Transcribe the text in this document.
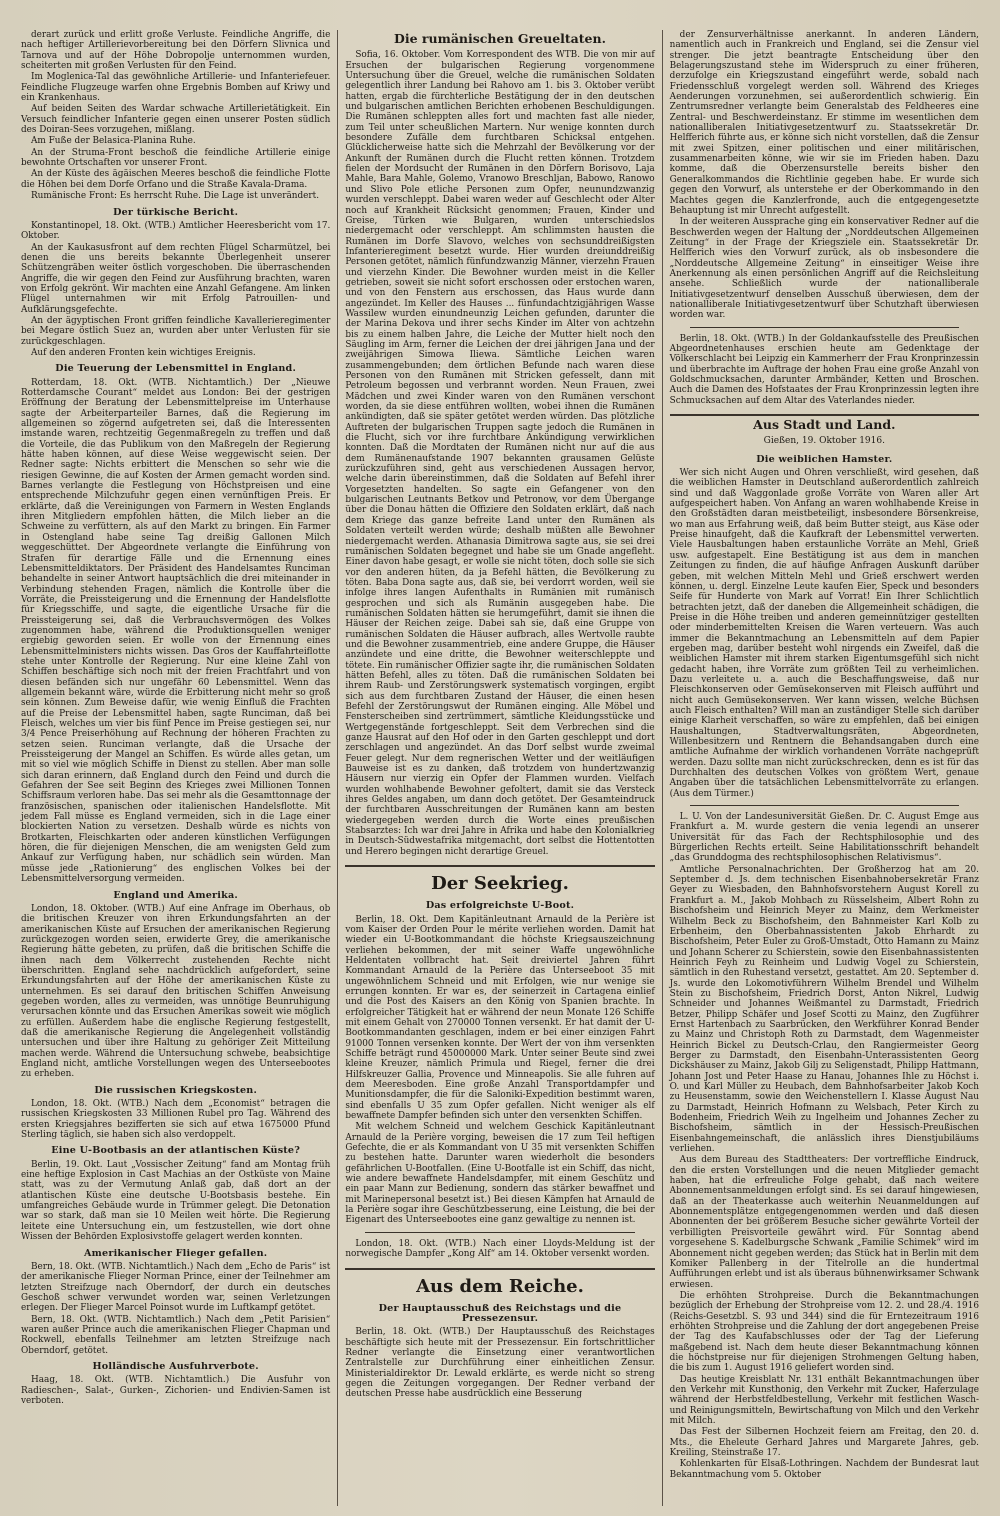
derart zurück und erlitt große Verluste. Feindliche Angriffe, die nach heftiger Artillerievorbereitung bei den Dörfern Slivnica und Tarnova und auf der Höhe Dobropolje unternommen wurden, scheiterten mit großen Verlusten für den Feind.

Im Moglenica-Tal das gewöhnliche Artillerie- und Infanteriefeuer. Feindliche Flugzeuge warfen ohne Ergebnis Bomben auf Kriwy und ein Krankenhaus.

Auf beiden Seiten des Wardar schwache Artillerietätigkeit. Ein Versuch feindlicher Infanterie gegen einen unserer Posten südlich des Doiran-Sees vorzugehen, mißlang.

Am Fuße der Belasica-Planina Ruhe.

An der Struma-Front beschoß die feindliche Artillerie einige bewohnte Ortschaften vor unserer Front.

An der Küste des ägäischen Meeres beschoß die feindliche Flotte die Höhen bei dem Dorfe Orfano und die Straße Kavala-Drama.

Rumänische Front: Es herrscht Ruhe. Die Lage ist unverändert.

Der türkische Bericht.

Konstantinopel, 18. Okt. (WTB.) Amtlicher Heeresbericht vom 17. Oktober.

An der Kaukasusfront auf dem rechten Flügel Scharmützel, bei denen die uns bereits bekannte Überlegenheit unserer Schützengräben weiter östlich vorgeschoben. Die überraschenden Angriffe, die wir gegen den Feind zur Ausführung brachten, waren von Erfolg gekrönt. Wir machten eine Anzahl Gefangene. Am linken Flügel unternahmen wir mit Erfolg Patrouillen- und Aufklärungsgefechte.

An der ägyptischen Front griffen feindliche Kavallerieregimenter bei Megare östlich Suez an, wurden aber unter Verlusten für sie zurückgeschlagen.

Auf den anderen Fronten kein wichtiges Ereignis.

Die Teuerung der Lebensmittel in England.

Rotterdam, 18. Okt. (WTB. Nichtamtlich.) Der „Nieuwe Rotterdamsche Courant“ meldet aus London: Bei der gestrigen Eröffnung der Beratung der Lebensmittelpreise im Unterhause sagte der Arbeiterparteiler Barnes, daß die Regierung im allgemeinen so zögernd aufgetreten sei, daß die Interessenten imstande waren, rechtzeitig Gegenmaßregeln zu treffen und daß die Vorteile, die das Publikum von den Maßregeln der Regierung hätte haben können, auf diese Weise weggewischt seien. Der Redner sagte: Nichts erbittert die Menschen so sehr wie die riesigen Gewinne, die auf Kosten der Armen gemacht worden sind. Barnes verlangte die Festlegung von Höchstpreisen und eine entsprechende Milchzufuhr gegen einen vernünftigen Preis. Er erklärte, daß die Vereinigungen von Farmern in Westen Englands ihren Mitgliedern empfohlen hätten, die Milch lieber an die Schweine zu verfüttern, als auf den Markt zu bringen. Ein Farmer in Ostengland habe seine Tag dreißig Gallonen Milch weggeschüttet. Der Abgeordnete verlangte die Einführung von Strafen für derartige Fälle und die Ernennung eines Lebensmitteldiktators. Der Präsident des Handelsamtes Runciman behandelte in seiner Antwort hauptsächlich die drei miteinander in Verbindung stehenden Fragen, nämlich die Kontrolle über die Vorräte, die Preissteigerung und die Ernennung der Handelsflotte für Kriegsschiffe, und sagte, die eigentliche Ursache für die Preissteigerung sei, daß die Verbrauchsvermögen des Volkes zugenommen habe, während die Produktionsquellen weniger ergiebig geworden seien. Er wolle von der Ernennung eines Lebensmittelministers nichts wissen. Das Gros der Kauffahrteiflotte stehe unter Kontrolle der Regierung. Nur eine kleine Zahl von Schiffen beschäftige sich noch mit der freien Frachtfahrt und von diesen befänden sich nur ungefähr 60 Lebensmittel. Wenn das allgemein bekannt wäre, würde die Erbitterung nicht mehr so groß sein können. Zum Beweise dafür, wie wenig Einfluß die Frachten auf die Preise der Lebensmittel haben, sagte Runciman, daß bei Fleisch, welches um vier bis fünf Pence im Preise gestiegen sei, nur 3/4 Pence Preiserhöhung auf Rechnung der höheren Frachten zu setzen seien. Runciman verlangte, daß die Ursache der Preissteigerung der Mangel an Schiffen. Es würde alles getan, um mit so viel wie möglich Schiffe in Dienst zu stellen. Aber man solle sich daran erinnern, daß England durch den Feind und durch die Gefahren der See seit Beginn des Krieges zwei Millionen Tonnen Schiffsraum verloren habe. Das sei mehr als die Gesamttonnage der französischen, spanischen oder italienischen Handelsflotte. Mit jedem Fall müsse es England vermeiden, sich in die Lage einer blockierten Nation zu versetzen. Deshalb würde es nichts von Brotkarten, Fleischkarten oder anderen künstlichen Verfügungen hören, die für diejenigen Menschen, die am wenigsten Geld zum Ankauf zur Verfügung haben, nur schädlich sein würden. Man müsse jede „Rationierung“ des englischen Volkes bei der Lebensmittelversorgung vermeiden.

England und Amerika.

London, 18. Oktober. (WTB.) Auf eine Anfrage im Oberhaus, ob die britischen Kreuzer von ihren Erkundungsfahrten an der amerikanischen Küste auf Ersuchen der amerikanischen Regierung zurückgezogen worden seien, erwiderte Grey, die amerikanische Regierung hätte gebeten, zu prüfen, daß die britischen Schiffe die ihnen nach dem Völkerrecht zustehenden Rechte nicht überschritten. England sehe nachdrücklich aufgefordert, seine Erkundungsfahrten auf der Höhe der amerikanischen Küste zu unternehmen. Es sei darauf den britischen Schiffen Anweisung gegeben worden, alles zu vermeiden, was unnötige Beunruhigung verursachen könnte und das Ersuchen Amerikas soweit wie möglich zu erfüllen. Außerdem habe die englische Regierung festgestellt, daß die amerikanische Regierung die Angelegenheit vollständig untersuchen und über ihre Haltung zu gehöriger Zeit Mitteilung machen werde. Während die Untersuchung schwebe, beabsichtige England nicht, amtliche Vorstellungen wegen des Unterseebootes zu erheben.

Die russischen Kriegskosten.

London, 18. Okt. (WTB.) Nach dem „Economist“ betragen die russischen Kriegskosten 33 Millionen Rubel pro Tag. Während des ersten Kriegsjahres bezifferten sie sich auf etwa 1675000 Pfund Sterling täglich, sie haben sich also verdoppelt.

Eine U-Bootbasis an der atlantischen Küste?

Berlin, 19. Okt. Laut „Vossischer Zeitung“ fand am Montag früh eine heftige Explosion in Cast Machias an der Ostküste von Maine statt, was zu der Vermutung Anlaß gab, daß dort an der atlantischen Küste eine deutsche U-Bootsbasis bestehe. Ein umfangreiches Gebäude wurde in Trümmer gelegt. Die Detonation war so stark, daß man sie 10 Meilen weit hörte. Die Regierung leitete eine Untersuchung ein, um festzustellen, wie dort ohne Wissen der Behörden Explosivstoffe gelagert werden konnten.

Amerikanischer Flieger gefallen.

Bern, 18. Okt. (WTB. Nichtamtlich.) Nach dem „Echo de Paris“ ist der amerikanische Flieger Norman Prince, einer der Teilnehmer am letzten Streifzuge nach Oberndorf, der durch ein deutsches Geschoß schwer verwundet worden war, seinen Verletzungen erlegen. Der Flieger Marcel Poinsot wurde im Luftkampf getötet.

Bern, 18. Okt. (WTB. Nichtamtlich.) Nach dem „Petit Parisien“ waren außer Prince auch die amerikanischen Flieger Chapman und Rockwell, ebenfalls Teilnehmer am letzten Streifzuge nach Oberndorf, getötet.

Holländische Ausfuhrverbote.

Haag, 18. Okt. (WTB. Nichtamtlich.) Die Ausfuhr von Radieschen-, Salat-, Gurken-, Zichorien- und Endivien-Samen ist verboten.

Die rumänischen Greueltaten.

Sofia, 16. Oktober. Vom Korrespondent des WTB. Die von mir auf Ersuchen der bulgarischen Regierung vorgenommene Untersuchung über die Greuel, welche die rumänischen Soldaten gelegentlich ihrer Landung bei Rahovo am 1. bis 3. Oktober verübt hatten, ergab die fürchterliche Bestätigung der in den deutschen und bulgarischen amtlichen Berichten erhobenen Beschuldigungen. Die Rumänen schleppten alles fort und machten fast alle nieder, zum Teil unter scheußlichen Martern. Nur wenige konnten durch besondere Zufälle dem furchtbaren Schicksal entgehen. Glücklicherweise hatte sich die Mehrzahl der Bevölkerung vor der Ankunft der Rumänen durch die Flucht retten können. Trotzdem fielen der Mordsucht der Rumänen in den Dörfern Borisovo, Laja Mahle, Bara Mahle, Golemo, Vranowo Breschljan, Babowo, Ranowo und Slivo Pole etliche Personen zum Opfer, neunundzwanzig wurden verschleppt. Dabei waren weder auf Geschlecht oder Alter noch auf Krankheit Rücksicht genommen; Frauen, Kinder und Greise, Türken wie Bulgaren, wurden unterschiedslos niedergemacht oder verschleppt. Am schlimmsten hausten die Rumänen im Dorfe Slavovo, welches von sechsunddreißigsten Infanterieregiment besetzt wurde. Hier wurden dreiunddreißig Personen getötet, nämlich fünfundzwanzig Männer, vierzehn Frauen und vierzehn Kinder. Die Bewohner wurden meist in die Keller getrieben, soweit sie nicht sofort erschossen oder erstochen waren, und von den Fenstern aus erschossen, das Haus wurde dann angezündet. Im Keller des Hauses ... fünfundachtzigjährigen Wasse Wassilew wurden einundneunzig Leichen gefunden, darunter die der Marina Dekova und ihrer sechs Kinder im Alter von achtzehn bis zu einem halben Jahre, die Leiche der Mutter hielt noch den Säugling im Arm, ferner die Leichen der drei jährigen Jana und der zweijährigen Simowa Iliewa. Sämtliche Leichen waren zusammengebunden; dem örtlichen Befunde nach waren diese Personen von den Rumänen mit Stricken gefesselt, dann mit Petroleum begossen und verbrannt worden. Neun Frauen, zwei Mädchen und zwei Kinder waren von den Rumänen verschont worden, da sie diese entführen wollten, wobei ihnen die Rumänen ankündigten, daß sie später getötet werden würden. Das plötzliche Auftreten der bulgarischen Truppen sagte jedoch die Rumänen in die Flucht, sich vor ihre furchtbare Ankündigung verwirklichen konnten. Daß die Mordtaten der Rumänen nicht nur auf die aus dem Rumänenaufstande 1907 bekannten grausamen Gelüste zurückzuführen sind, geht aus verschiedenen Aussagen hervor, welche darin übereinstimmen, daß die Soldaten auf Befehl ihrer Vorgesetzten handelten. So sagte ein Gefangener von den bulgarischen Leutnants Betkov und Petronow, vor dem Übergange über die Donau hätten die Offiziere den Soldaten erklärt, daß nach dem Kriege das ganze befreite Land unter den Rumänen als Soldaten verteilt werden würde; deshalb müßten alle Bewohner niedergemacht werden. Athanasia Dimitrowa sagte aus, sie sei drei rumänischen Soldaten begegnet und habe sie um Gnade angefleht. Einer davon habe gesagt, er wolle sie nicht töten, doch solle sie sich vor den anderen hüten, da ja Befehl hätten, die Bevölkerung zu töten. Baba Dona sagte aus, daß sie, bei verdorrt worden, weil sie infolge ihres langen Aufenthalts in Rumänien mit rumänisch gesprochen und sich als Rumänin ausgegeben habe. Die rumänischen Soldaten hätten sie herumgeführt, damit sie ihnen die Häuser der Reichen zeige. Dabei sah sie, daß eine Gruppe von rumänischen Soldaten die Häuser aufbrach, alles Wertvolle raubte und die Bewohner zusammentrieb, eine andere Gruppe, die Häuser anzündete und eine dritte, die Bewohner weiterschleppte und tötete. Ein rumänischer Offizier sagte ihr, die rumänischen Soldaten hätten Befehl, alles zu töten. Daß die rumänischen Soldaten bei ihrem Raub- und Zerstörungswerk systematisch vorgingen, ergibt sich aus dem furchtbaren Zustand der Häuser, die einen hesen Befehl der Zerstörungswut der Rumänen einging. Alle Möbel und Fensterscheiben sind zertrümmert, sämtliche Kleidungsstücke und Wertgegenstände fortgeschleppt. Seit dem Verbrechen sind die ganze Hausrat auf den Hof oder in den Garten geschleppt und dort zerschlagen und angezündet. An das Dorf selbst wurde zweimal Feuer gelegt. Nur dem regnerischen Wetter und der weitläufigen Bauweise ist es zu danken, daß trotzdem von hundertzwanzig Häusern nur vierzig ein Opfer der Flammen wurden. Vielfach wurden wohlhabende Bewohner gefoltert, damit sie das Versteck ihres Geldes angaben, um dann doch getötet. Der Gesamteindruck der furchtbaren Ausschreitungen der Rumänen kann am besten wiedergegeben werden durch die Worte eines preußischen Stabsarztes: Ich war drei Jahre in Afrika und habe den Kolonialkrieg in Deutsch-Südwestafrika mitgemacht, dort selbst die Hottentotten und Herero begingen nicht derartige Greuel.

Der Seekrieg.
Das erfolgreichste U-Boot.

Berlin, 18. Okt. Dem Kapitänleutnant Arnauld de la Perière ist vom Kaiser der Orden Pour le mérite verliehen worden. Damit hat wieder ein U-Bootkommandant die höchste Kriegsauszeichnung verliehen bekommen, der mit seiner Waffe ungewöhnliche Heldentaten vollbracht hat. Seit dreiviertel Jahren führt Kommandant Arnauld de la Perière das Unterseeboot 35 mit ungewöhnlichem Schneid und mit Erfolgen, wie nur wenige sie errungen konnten. Er war es, der seinerzeit in Cartagena einlief und die Post des Kaisers an den König von Spanien brachte. In erfolgreicher Tätigkeit hat er während der neun Monate 126 Schiffe mit einem Gehalt von 270000 Tonnen versenkt. Er hat damit der U-Bootkommandanten geschlagen, indem er bei einer einzigen Fahrt 91000 Tonnen versenken konnte. Der Wert der von ihm versenkten Schiffe beträgt rund 45000000 Mark. Unter seiner Beute sind zwei kleine Kreuzer, nämlich Primula und Riegel, ferner die drei Hilfskreuzer Gallia, Provence und Minneapolis. Sie alle fuhren auf dem Meeresboden. Eine große Anzahl Transportdampfer und Munitionsdampfer, die für die Saloniki-Expedition bestimmt waren, sind ebenfalls U 35 zum Opfer gefallen. Nicht weniger als elf bewaffnete Dampfer befinden sich unter den versenkten Schiffen.

Mit welchem Schneid und welchem Geschick Kapitänleutnant Arnauld de la Perière vorging, beweisen die 17 zum Teil heftigen Gefechte, die er als Kommandant von U 35 mit versenkten Schiffen zu bestehen hatte. Darunter waren wiederholt die besonders gefährlichen U-Bootfallen. (Eine U-Bootfalle ist ein Schiff, das nicht, wie andere bewaffnete Handelsdampfer, mit einem Geschütz und ein paar Mann zur Bedienung, sondern das stärker bewaffnet und mit Marinepersonal besetzt ist.) Bei diesen Kämpfen hat Arnauld de la Perière sogar ihre Geschützbesserung, eine Leistung, die bei der Eigenart des Unterseebootes eine ganz gewaltige zu nennen ist.

London, 18. Okt. (WTB.) Nach einer Lloyds-Meldung ist der norwegische Dampfer „Kong Alf“ am 14. Oktober versenkt worden.

Aus dem Reiche.
Der Hauptausschuß des Reichstags und die Pressezensur.

Berlin, 18. Okt. (WTB.) Der Hauptausschuß des Reichstages beschäftigte sich heute mit der Pressezensur. Ein fortschrittlicher Redner verlangte die Einsetzung einer verantwortlichen Zentralstelle zur Durchführung einer einheitlichen Zensur. Ministerialdirektor Dr. Lewald erklärte, es werde nicht so streng gegen die Zeitungen vorgegangen. Der Redner verband der deutschen Presse habe ausdrücklich eine Besserung

der Zensurverhältnisse anerkannt. In anderen Ländern, namentlich auch in Frankreich und England, sei die Zensur viel strenger. Die jetzt beantragte Entscheidung über den Belagerungszustand stehe im Widerspruch zu einer früheren, derzufolge ein Kriegszustand eingeführt werde, sobald nach Friedensschluß vorgelegt werden soll. Während des Krieges Aenderungen vorzunehmen, sei außerordentlich schwierig. Ein Zentrumsredner verlangte beim Generalstab des Feldheeres eine Zentral- und Beschwerdeinstanz. Er stimme im wesentlichen dem nationalliberalen Initiativgesetzentwurf zu. Staatssekretär Dr. Helfferich führte aus, er könne sich nicht vorstellen, daß die Zensur mit zwei Spitzen, einer politischen und einer militärischen, zusammenarbeiten könne, wie wir sie im Frieden haben. Dazu komme, daß die Oberzensurstelle bereits bisher den Generalkommandos die Richtlinie gegeben habe. Er wurde sich gegen den Vorwurf, als unterstehe er der Oberkommando in den Machtes gegen die Kanzlerfronde, auch die entgegengesetzte Behauptung ist mir Unrecht aufgestellt.

In der weiteren Aussprache ging ein konservativer Redner auf die Beschwerden wegen der Haltung der „Norddeutschen Allgemeinen Zeitung“ in der Frage der Kriegsziele ein. Staatssekretär Dr. Helfferich wies den Vorwurf zurück, als ob insbesondere die „Norddeutsche Allgemeine Zeitung“ in einseitiger Weise ihre Anerkennung als einen persönlichen Angriff auf die Reichsleitung ansehe. Schließlich wurde der nationalliberale Initiativgesetzentwurf denselben Ausschuß überwiesen, dem der nationalliberale Initiativgesetzentwurf über Schutzhaft überwiesen worden war.

Berlin, 18. Okt. (WTB.) In der Goldankaufsstelle des Preußischen Abgeordnetenhauses erschien heute am Gedenktage der Völkerschlacht bei Leipzig ein Kammerherr der Frau Kronprinzessin und überbrachte im Auftrage der hohen Frau eine große Anzahl von Goldschmucksachen, darunter Armbänder, Ketten und Broschen. Auch die Damen des Hofstaates der Frau Kronprinzessin legten ihre Schmucksachen auf dem Altar des Vaterlandes nieder.

Aus Stadt und Land.
Gießen, 19. Oktober 1916.
Die weiblichen Hamster.

Wer sich nicht Augen und Ohren verschließt, wird gesehen, daß die weiblichen Hamster in Deutschland außerordentlich zahlreich sind und daß Waggonlade große Vorräte von Waren aller Art aufgespeichert haben. Von Anfang an waren wohlhabende Kreise in den Großstädten daran meistbeteiligt, insbesondere Börsenkreise, wo man aus Erfahrung weiß, daß beim Butter steigt, aus Käse oder Preise hinaufgeht, daß die Kaufkraft der Lebensmittel verwerten. Viele Hausbaltungen haben erstaunliche Vorräte an Mehl, Grieß usw. aufgestapelt. Eine Bestätigung ist aus dem in manchen Zeitungen zu finden, die auf häufige Anfragen Auskunft darüber geben, mit welchen Mitteln Mehl und Grieß erschwert werden können, u. dergl. Einzelne Leute kaufen Eier, Speck und besonders Seife für Hunderte von Mark auf Vorrat! Ein Ihrer Schlichtlich betrachten jetzt, daß der daneben die Allgemeinheit schädigen, die Preise in die Höhe treiben und anderen gemeinnütziger gestellten oder minderbemittelten Kreisen die Waren verteuern. Was auch immer die Bekanntmachung an Lebensmitteln auf dem Papier ergeben mag, darüber besteht wohl nirgends ein Zweifel, daß die weiblichen Hamster mit ihrem starken Eigentumsgefühl sich nicht gedacht haben, ihre Vorräte zum größten Teil zu verheimlichen. Dazu verleitete u. a. auch die Beschaffungsweise, daß nur Fleischkonserven oder Gemüsekonserven mit Fleisch aufführt und nicht auch Gemüsekonserven. Wer kann wissen, welche Büchsen auch Fleisch enthalten? Will man an zuständiger Stelle sich darüber einige Klarheit verschaffen, so wäre zu empfehlen, daß bei einigen Haushaltungen, Stadtverwaltungsräten, Abgeordneten, Willenbesitzern und Rentnern die Behandsangaben durch eine amtliche Aufnahme der wirklich vorhandenen Vorräte nachgeprüft werden. Dazu sollte man nicht zurückschrecken, denn es ist für das Durchhalten des deutschen Volkes von größtem Wert, genaue Angaben über die tatsächlichen Lebensmittelvorräte zu erlangen. (Aus dem Türmer.)

L. U. Von der Landesuniversität Gießen. Dr. C. August Emge aus Frankfurt a. M. wurde gestern die venia legendi an unserer Universität für das Fach der Rechtsphilosophie und des Bürgerlichen Rechts erteilt. Seine Habilitationsschrift behandelt „das Grunddogma des rechtsphilosophischen Relativismus“.

Amtliche Personalnachrichten. Der Großherzog hat am 20. September d. Js. dem technischen Eisenbahnobersekretär Franz Geyer zu Wiesbaden, den Bahnhofsvorstehern August Korell zu Frankfurt a. M., Jakob Mohbach zu Rüsselsheim, Albert Rohn zu Bischofsheim und Heinrich Meyer zu Mainz, dem Werkmeister Wilhelm Beck zu Bischofsheim, den Bahnmeister Karl Kolb zu Erbenheim, den Oberbahnassistenten Jakob Ehrhardt zu Bischofsheim, Peter Euler zu Groß-Umstadt, Otto Hamann zu Mainz und Johann Scherer zu Schierstein, sowie den Eisenbahnassistenten Heinrich Feyh zu Reinheim und Ludwig Vogel zu Schierstein, sämtlich in den Ruhestand versetzt, gestattet. Am 20. September d. Js. wurde den Lokomotivführern Wilhelm Brendel und Wilhelm Stein zu Bischofsheim, Friedrich Dorst, Anton Nikrel, Ludwig Schneider und Johannes Weißmantel zu Darmstadt, Friedrich Betzer, Philipp Schäfer und Josef Scotti zu Mainz, den Zugführer Ernst Hartenbach zu Saarbrücken, den Werkführer Konrad Bender zu Mainz und Christoph Roth zu Darmstadt, dem Wagenmeister Heinrich Bickel zu Deutsch-Crlau, den Rangiermeister Georg Berger zu Darmstadt, den Eisenbahn-Unterassistenten Georg Dickshäuser zu Mainz, Jakob Gilj zu Seligenstadt, Philipp Hattmann, Johann Jost und Peter Haase zu Hanau, Johannes Ihle zu Höchst i. O. und Karl Müller zu Heubach, dem Bahnhofsarbeiter Jakob Koch zu Heusenstamm, sowie den Weichenstellern I. Klasse August Nau zu Darmstadt, Heinrich Hofmann zu Welsbach, Peter Kirch zu Bodenheim, Friedrich Weih zu Ingelheim und Johannes Zecher zu Bischofsheim, sämtlich in der Hessisch-Preußischen Eisenbahngemeinschaft, die anlässlich ihres Dienstjubiläums verliehen.

Aus dem Bureau des Stadttheaters: Der vortreffliche Eindruck, den die ersten Vorstellungen und die neuen Mitglieder gemacht haben, hat die erfreuliche Folge gehabt, daß nach weitere Abonnementsanmeldungen erfolgt sind. Es sei darauf hingewiesen, daß an der Theaterkasse auch weiterhin Neuanmeldungen auf Abonnementsplätze entgegengenommen werden und daß diesen Abonnenten der bei größerem Besuche sicher gewährte Vorteil der verbilligten Preisvorteile gewährt wird. Für Sonntag abend vorgesehene S. Kadelburgsche Schwank „Familie Schimek“ wird im Abonnement nicht gegeben werden; das Stück hat in Berlin mit dem Komiker Pallenberg in der Titelrolle an die hundertmal Aufführungen erlebt und ist als überaus bühnenwirksamer Schwank erwiesen.

Die erhöhten Strohpreise. Durch die Bekanntmachungen bezüglich der Erhebung der Strohpreise vom 12. 2. und 28./4. 1916 (Reichs-Gesetzbl. S. 93 und 344) sind die für Erntezeitraum 1916 erhöhten Strohpreise und die Zahlung der dort angegebenen Preise der Tag des Kaufabschlusses oder der Tag der Lieferung maßgebend ist. Nach dem heute dieser Bekanntmachung können die höchstpreise nur für diejenigen Strohmengen Geltung haben, die bis zum 1. August 1916 geliefert worden sind.

Das heutige Kreisblatt Nr. 131 enthält Bekanntmachungen über den Verkehr mit Kunsthonig, den Verkehr mit Zucker, Haferzulage während der Herbstfeldbestellung, Verkehr mit festlichen Wasch- und Reinigungsmitteln, Bewirtschaftung von Milch und den Verkehr mit Milch.

Das Fest der Silbernen Hochzeit feiern am Freitag, den 20. d. Mts., die Eheleute Gerhard Jahres und Margarete Jahres, geb. Kreiling, Steinstraße 17.

Kohlenkarten für Elsaß-Lothringen. Nachdem der Bundesrat laut Bekanntmachung vom 5. Oktober
